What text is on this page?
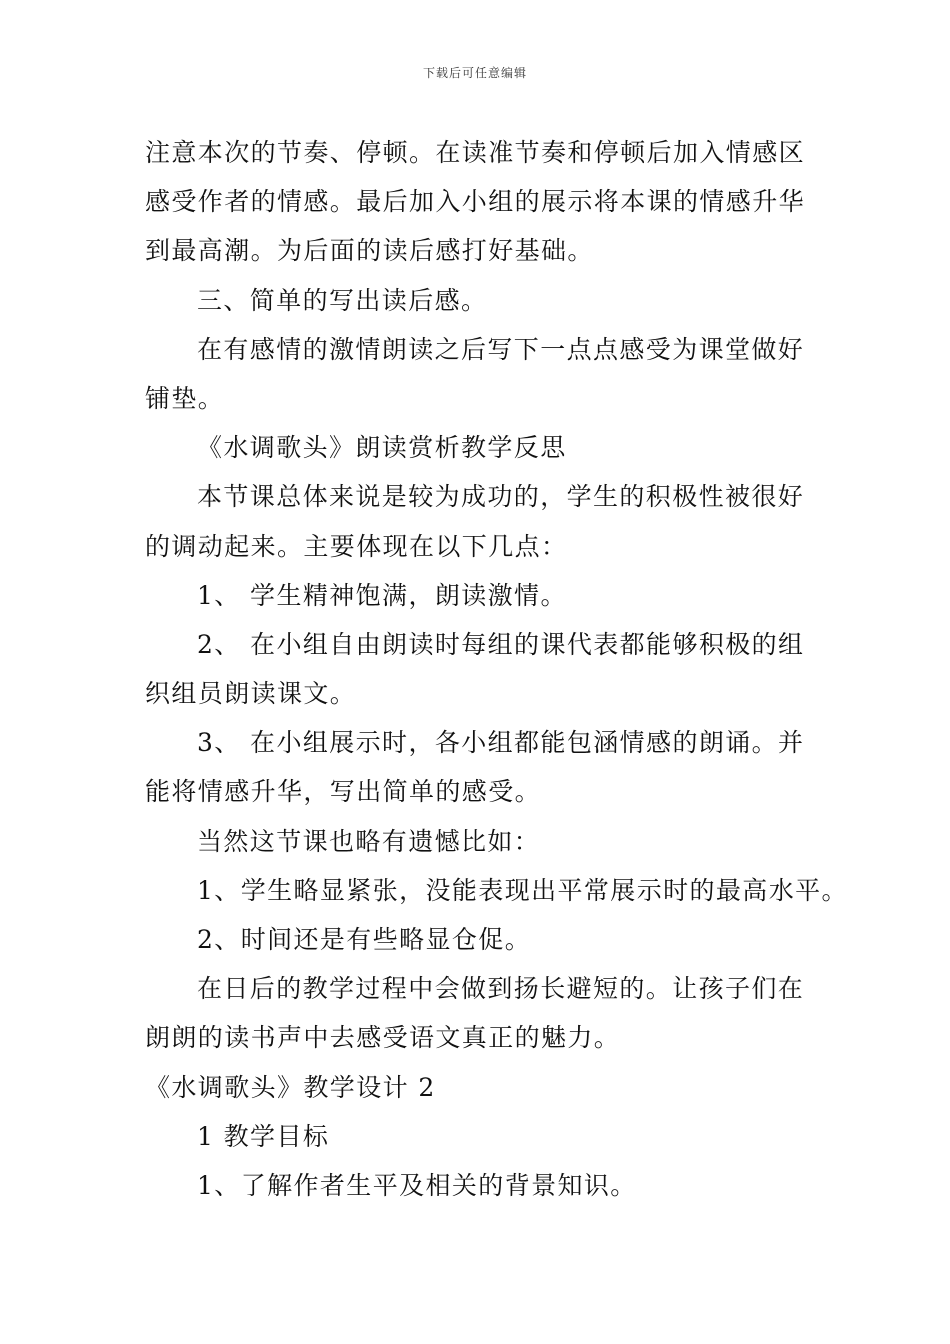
下载后可任意编辑
注意本次的节奏、停顿。在读准节奏和停顿后加入情感区
感受作者的情感。最后加入小组的展示将本课的情感升华
到最高潮。为后面的读后感打好基础。
三、简单的写出读后感。
在有感情的激情朗读之后写下一点点感受为课堂做好
铺垫。
《水调歌头》朗读赏析教学反思
本节课总体来说是较为成功的，学生的积极性被很好
的调动起来。主要体现在以下几点：
1、 学生精神饱满，朗读激情。
2、 在小组自由朗读时每组的课代表都能够积极的组
织组员朗读课文。
3、 在小组展示时，各小组都能包涵情感的朗诵。并
能将情感升华，写出简单的感受。
当然这节课也略有遗憾比如：
1、学生略显紧张，没能表现出平常展示时的最高水平。
2、时间还是有些略显仓促。
在日后的教学过程中会做到扬长避短的。让孩子们在
朗朗的读书声中去感受语文真正的魅力。
《水调歌头》教学设计 2
1 教学目标
1、了解作者生平及相关的背景知识。
